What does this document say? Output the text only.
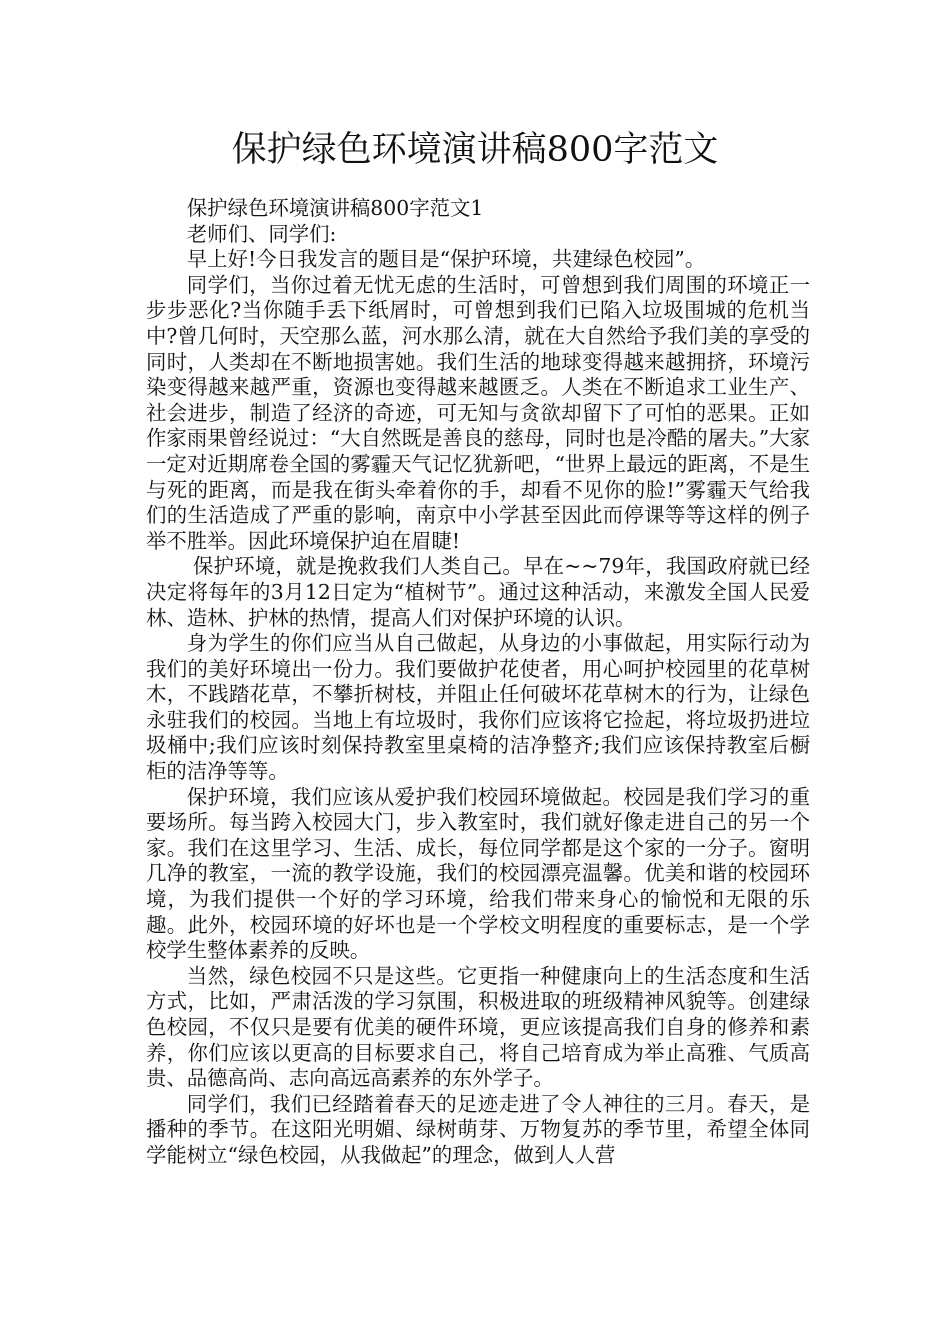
保护绿色环境演讲稿800字范文

保护绿色环境演讲稿800字范文1

老师们、同学们:

早上好!今日我发言的题目是“保护环境，共建绿色校园”。

同学们，当你过着无忧无虑的生活时，可曾想到我们周围的环境正一步步恶化?当你随手丢下纸屑时，可曾想到我们已陷入垃圾围城的危机当中?曾几何时，天空那么蓝，河水那么清，就在大自然给予我们美的享受的同时，人类却在不断地损害她。我们生活的地球变得越来越拥挤，环境污染变得越来越严重，资源也变得越来越匮乏。人类在不断追求工业生产、社会进步，制造了经济的奇迹，可无知与贪欲却留下了可怕的恶果。正如作家雨果曾经说过：“大自然既是善良的慈母，同时也是冷酷的屠夫。”大家一定对近期席卷全国的雾霾天气记忆犹新吧，“世界上最远的距离，不是生与死的距离，而是我在街头牵着你的手，却看不见你的脸!”雾霾天气给我们的生活造成了严重的影响，南京中小学甚至因此而停课等等这样的例子举不胜举。因此环境保护迫在眉睫!

保护环境，就是挽救我们人类自己。早在~~79年，我国政府就已经决定将每年的3月12日定为“植树节”。通过这种活动，来激发全国人民爱林、造林、护林的热情，提高人们对保护环境的认识。

身为学生的你们应当从自己做起，从身边的小事做起，用实际行动为我们的美好环境出一份力。我们要做护花使者，用心呵护校园里的花草树木，不践踏花草，不攀折树枝，并阻止任何破坏花草树木的行为，让绿色永驻我们的校园。当地上有垃圾时，我你们应该将它捡起，将垃圾扔进垃圾桶中;我们应该时刻保持教室里桌椅的洁净整齐;我们应该保持教室后橱柜的洁净等等。

保护环境，我们应该从爱护我们校园环境做起。校园是我们学习的重要场所。每当跨入校园大门，步入教室时，我们就好像走进自己的另一个家。我们在这里学习、生活、成长，每位同学都是这个家的一分子。窗明几净的教室，一流的教学设施，我们的校园漂亮温馨。优美和谐的校园环境，为我们提供一个好的学习环境，给我们带来身心的愉悦和无限的乐趣。此外，校园环境的好坏也是一个学校文明程度的重要标志，是一个学校学生整体素养的反映。

当然，绿色校园不只是这些。它更指一种健康向上的生活态度和生活方式，比如，严肃活泼的学习氛围，积极进取的班级精神风貌等。创建绿色校园，不仅只是要有优美的硬件环境，更应该提高我们自身的修养和素养，你们应该以更高的目标要求自己，将自己培育成为举止高雅、气质高贵、品德高尚、志向高远高素养的东外学子。

同学们，我们已经踏着春天的足迹走进了令人神往的三月。春天，是播种的季节。在这阳光明媚、绿树萌芽、万物复苏的季节里，希望全体同学能树立“绿色校园，从我做起”的理念，做到人人营
